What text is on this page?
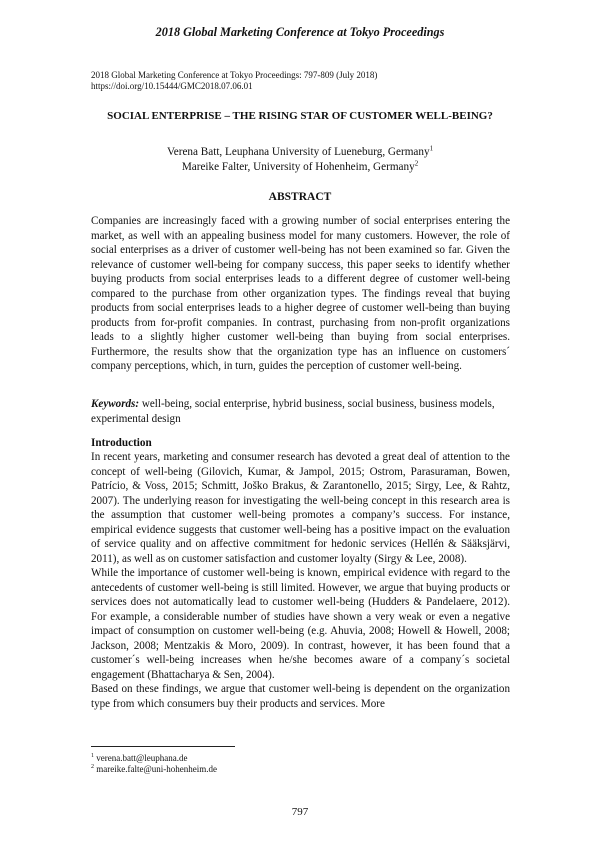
2018 Global Marketing Conference at Tokyo Proceedings
2018 Global Marketing Conference at Tokyo Proceedings: 797-809 (July 2018)
https://doi.org/10.15444/GMC2018.07.06.01
SOCIAL ENTERPRISE – THE RISING STAR OF CUSTOMER WELL-BEING?
Verena Batt, Leuphana University of Lueneburg, Germany$^1$
Mareike Falter, University of Hohenheim, Germany$^2$
ABSTRACT

Companies are increasingly faced with a growing number of social enterprises entering the market, as well with an appealing business model for many customers. However, the role of social enterprises as a driver of customer well-being has not been examined so far. Given the relevance of customer well-being for company success, this paper seeks to identify whether buying products from social enterprises leads to a different degree of customer well-being compared to the purchase from other organization types. The findings reveal that buying products from social enterprises leads to a higher degree of customer well-being than buying products from for-profit companies. In contrast, purchasing from non-profit organizations leads to a slightly higher customer well-being than buying from social enterprises. Furthermore, the results show that the organization type has an influence on customers´ company perceptions, which, in turn, guides the perception of customer well-being.

Keywords: well-being, social enterprise, hybrid business, social business, business models, experimental design

Introduction

In recent years, marketing and consumer research has devoted a great deal of attention to the concept of well-being (Gilovich, Kumar, & Jampol, 2015; Ostrom, Parasuraman, Bowen, Patrício, & Voss, 2015; Schmitt, Joško Brakus, & Zarantonello, 2015; Sirgy, Lee, & Rahtz, 2007). The underlying reason for investigating the well-being concept in this research area is the assumption that customer well-being promotes a company’s success. For instance, empirical evidence suggests that customer well-being has a positive impact on the evaluation of service quality and on affective commitment for hedonic services (Hellén & Sääksjärvi, 2011), as well as on customer satisfaction and customer loyalty (Sirgy & Lee, 2008).

While the importance of customer well-being is known, empirical evidence with regard to the antecedents of customer well-being is still limited. However, we argue that buying products or services does not automatically lead to customer well-being (Hudders & Pandelaere, 2012). For example, a considerable number of studies have shown a very weak or even a negative impact of consumption on customer well-being (e.g. Ahuvia, 2008; Howell & Howell, 2008; Jackson, 2008; Mentzakis & Moro, 2009). In contrast, however, it has been found that a customer´s well-being increases when he/she becomes aware of a company´s societal engagement (Bhattacharya & Sen, 2004).

Based on these findings, we argue that customer well-being is dependent on the organization type from which consumers buy their products and services. More

$^1$ verena.batt@leuphana.de
$^2$ mareike.falte@uni-hohenheim.de
797
